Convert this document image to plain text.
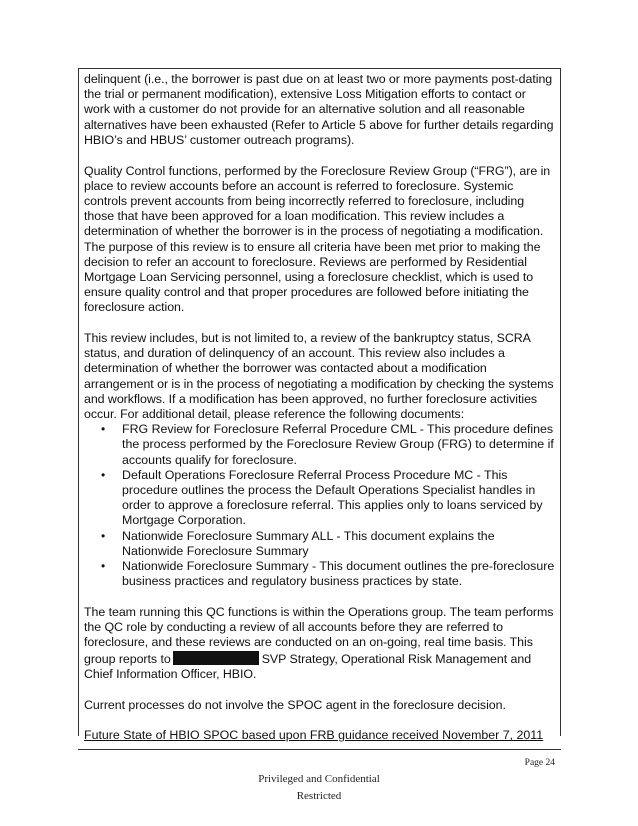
delinquent (i.e., the borrower is past due on at least two or more payments post-dating the trial or permanent modification), extensive Loss Mitigation efforts to contact or work with a customer do not provide for an alternative solution and all reasonable alternatives have been exhausted (Refer to Article 5 above for further details regarding HBIO’s and HBUS’ customer outreach programs).

Quality Control functions, performed by the Foreclosure Review Group (“FRG”), are in place to review accounts before an account is referred to foreclosure. Systemic controls prevent accounts from being incorrectly referred to foreclosure, including those that have been approved for a loan modification. This review includes a determination of whether the borrower is in the process of negotiating a modification. The purpose of this review is to ensure all criteria have been met prior to making the decision to refer an account to foreclosure. Reviews are performed by Residential Mortgage Loan Servicing personnel, using a foreclosure checklist, which is used to ensure quality control and that proper procedures are followed before initiating the foreclosure action.

This review includes, but is not limited to, a review of the bankruptcy status, SCRA status, and duration of delinquency of an account. This review also includes a determination of whether the borrower was contacted about a modification arrangement or is in the process of negotiating a modification by checking the systems and workflows. If a modification has been approved, no further foreclosure activities occur. For additional detail, please reference the following documents:

• FRG Review for Foreclosure Referral Procedure CML - This procedure defines the process performed by the Foreclosure Review Group (FRG) to determine if accounts qualify for foreclosure.
• Default Operations Foreclosure Referral Process Procedure MC - This procedure outlines the process the Default Operations Specialist handles in order to approve a foreclosure referral. This applies only to loans serviced by Mortgage Corporation.
• Nationwide Foreclosure Summary ALL - This document explains the Nationwide Foreclosure Summary
• Nationwide Foreclosure Summary - This document outlines the pre-foreclosure business practices and regulatory business practices by state.

The team running this QC functions is within the Operations group. The team performs the QC role by conducting a review of all accounts before they are referred to foreclosure, and these reviews are conducted on an on-going, real time basis. This group reports to	SVP Strategy, Operational Risk Management and Chief Information Officer, HBIO.

Current processes do not involve the SPOC agent in the foreclosure decision.

Future State of HBIO SPOC based upon FRB guidance received November 7, 2011

Page 24
Privileged and Confidential
Restricted
